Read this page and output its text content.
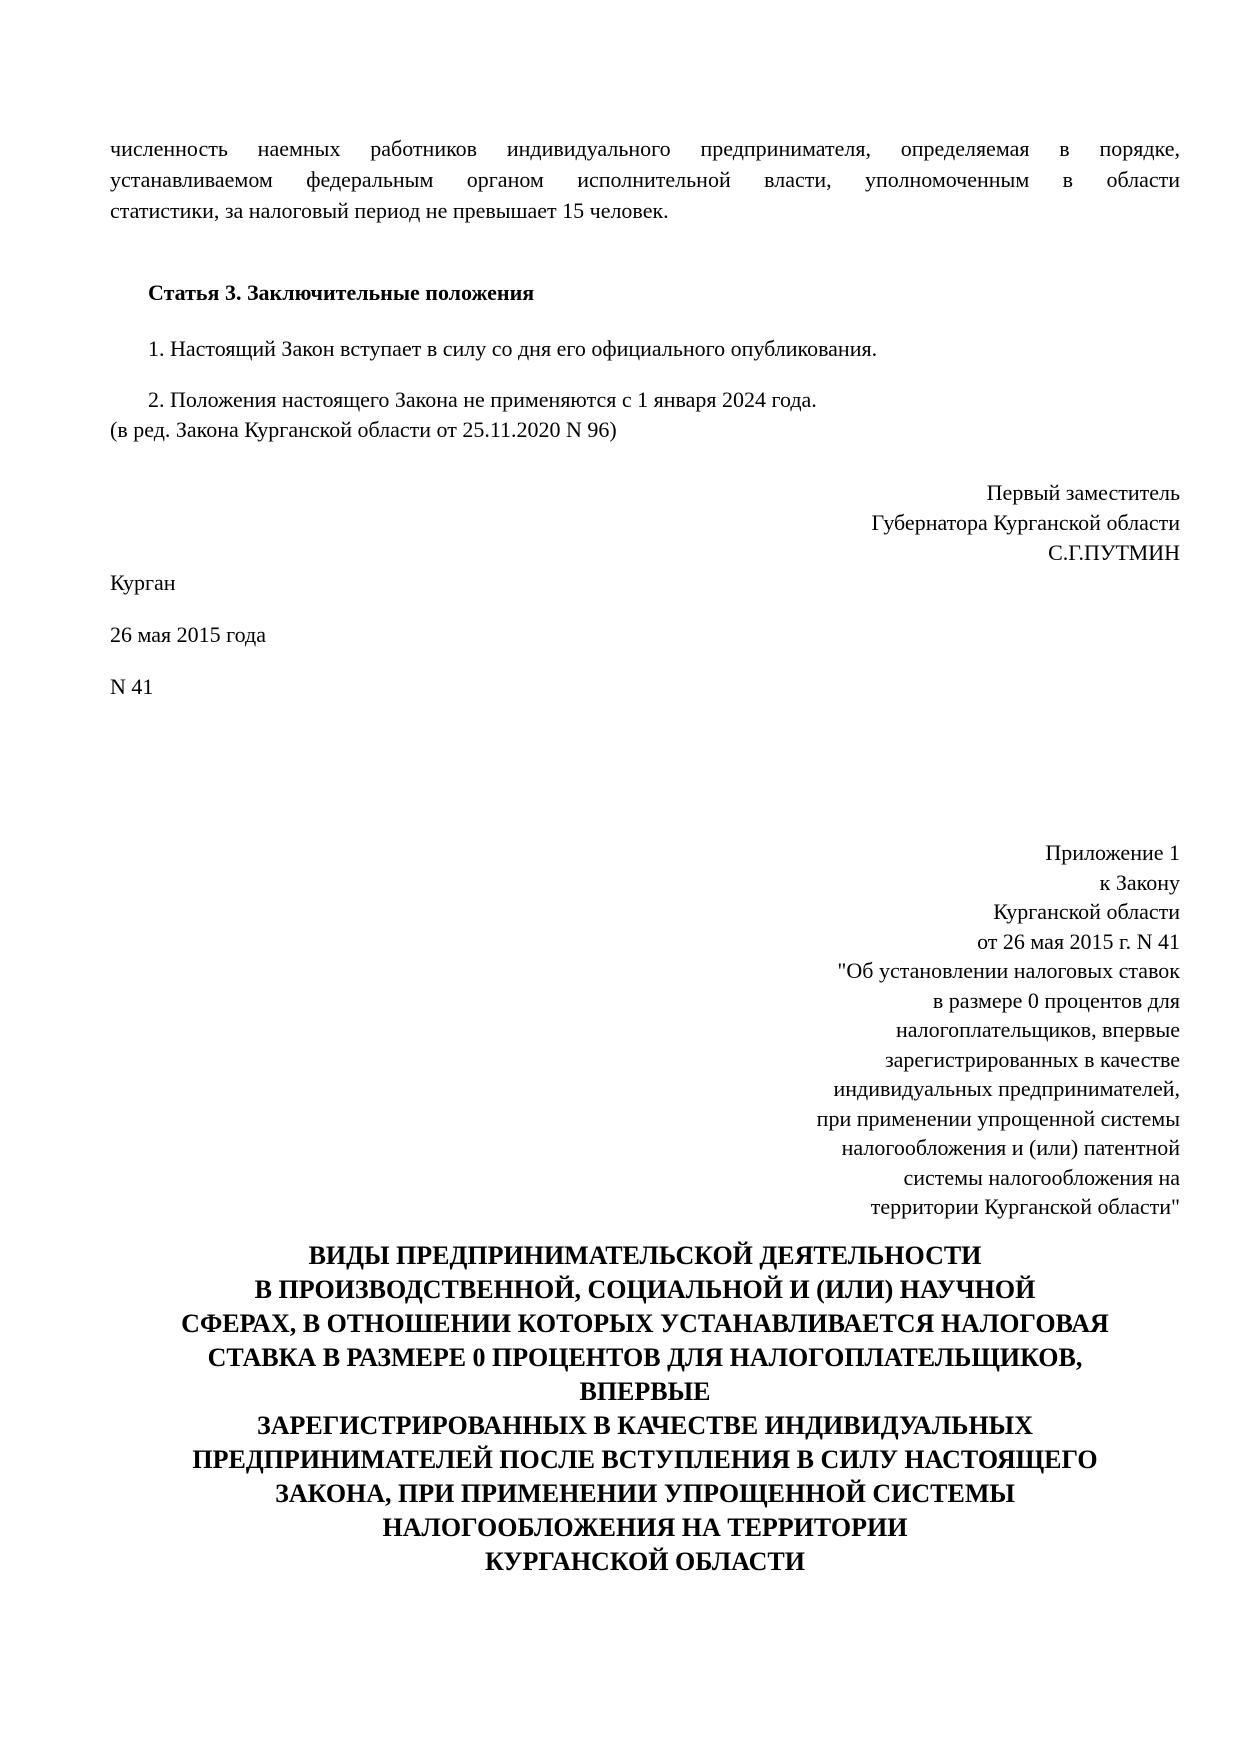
численность наемных работников индивидуального предпринимателя, определяемая в порядке,
устанавливаемом федеральным органом исполнительной власти, уполномоченным в области
статистики, за налоговый период не превышает 15 человек.
Статья 3. Заключительные положения
1. Настоящий Закон вступает в силу со дня его официального опубликования.
2. Положения настоящего Закона не применяются с 1 января 2024 года.
(в ред. Закона Курганской области от 25.11.2020 N 96)
Первый заместитель
Губернатора Курганской области
С.Г.ПУТМИН
Курган
26 мая 2015 года
N 41
Приложение 1
к Закону
Курганской области
от 26 мая 2015 г. N 41
"Об установлении налоговых ставок
в размере 0 процентов для
налогоплательщиков, впервые
зарегистрированных в качестве
индивидуальных предпринимателей,
при применении упрощенной системы
налогообложения и (или) патентной
системы налогообложения на
территории Курганской области"
ВИДЫ ПРЕДПРИНИМАТЕЛЬСКОЙ ДЕЯТЕЛЬНОСТИ
В ПРОИЗВОДСТВЕННОЙ, СОЦИАЛЬНОЙ И (ИЛИ) НАУЧНОЙ
СФЕРАХ, В ОТНОШЕНИИ КОТОРЫХ УСТАНАВЛИВАЕТСЯ НАЛОГОВАЯ
СТАВКА В РАЗМЕРЕ 0 ПРОЦЕНТОВ ДЛЯ НАЛОГОПЛАТЕЛЬЩИКОВ,
ВПЕРВЫЕ
ЗАРЕГИСТРИРОВАННЫХ В КАЧЕСТВЕ ИНДИВИДУАЛЬНЫХ
ПРЕДПРИНИМАТЕЛЕЙ ПОСЛЕ ВСТУПЛЕНИЯ В СИЛУ НАСТОЯЩЕГО
ЗАКОНА, ПРИ ПРИМЕНЕНИИ УПРОЩЕННОЙ СИСТЕМЫ
НАЛОГООБЛОЖЕНИЯ НА ТЕРРИТОРИИ
КУРГАНСКОЙ ОБЛАСТИ
